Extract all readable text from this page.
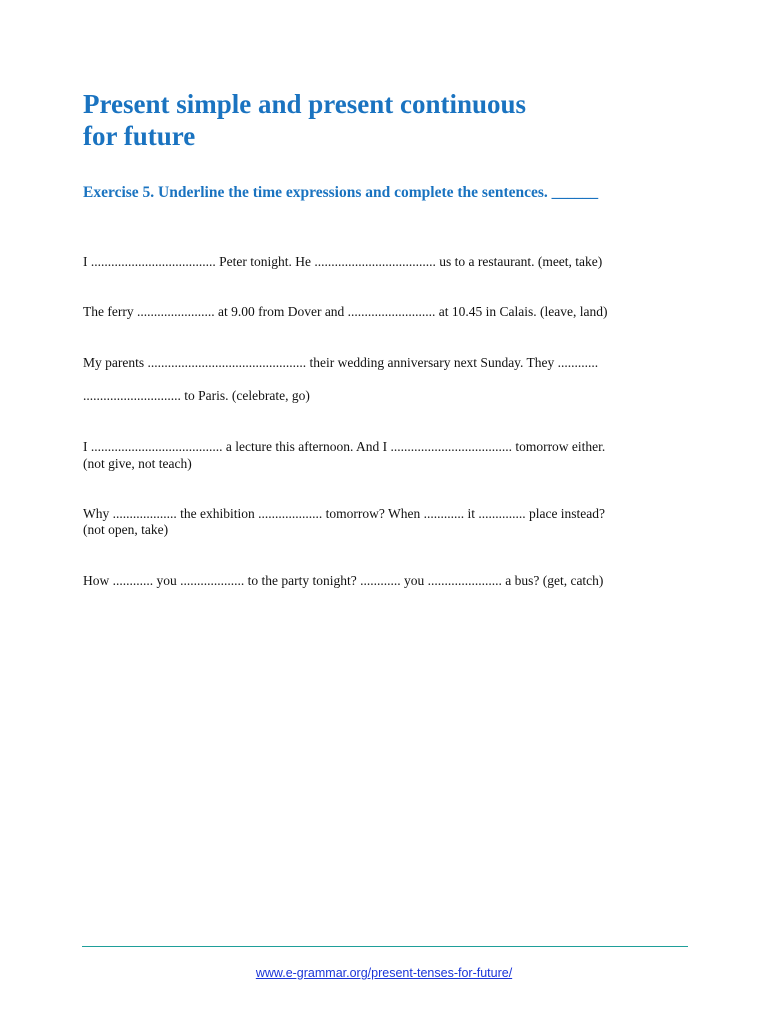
Present simple and present continuous
for future
Exercise 5. Underline the time expressions and complete the sentences. ______

I ..................................... Peter tonight. He .................................... us to a restaurant. (meet, take)

The ferry ....................... at 9.00 from Dover and .......................... at 10.45 in Calais. (leave, land)

My parents ............................................... their wedding anniversary next Sunday. They ............

............................. to Paris. (celebrate, go)

I ....................................... a lecture this afternoon. And I .................................... tomorrow either.

(not give, not teach)

Why ................... the exhibition ................... tomorrow? When ............ it .............. place instead?

(not open, take)

How ............ you ................... to the party tonight? ............ you ...................... a bus? (get, catch)

www.e-grammar.org/present-tenses-for-future/
